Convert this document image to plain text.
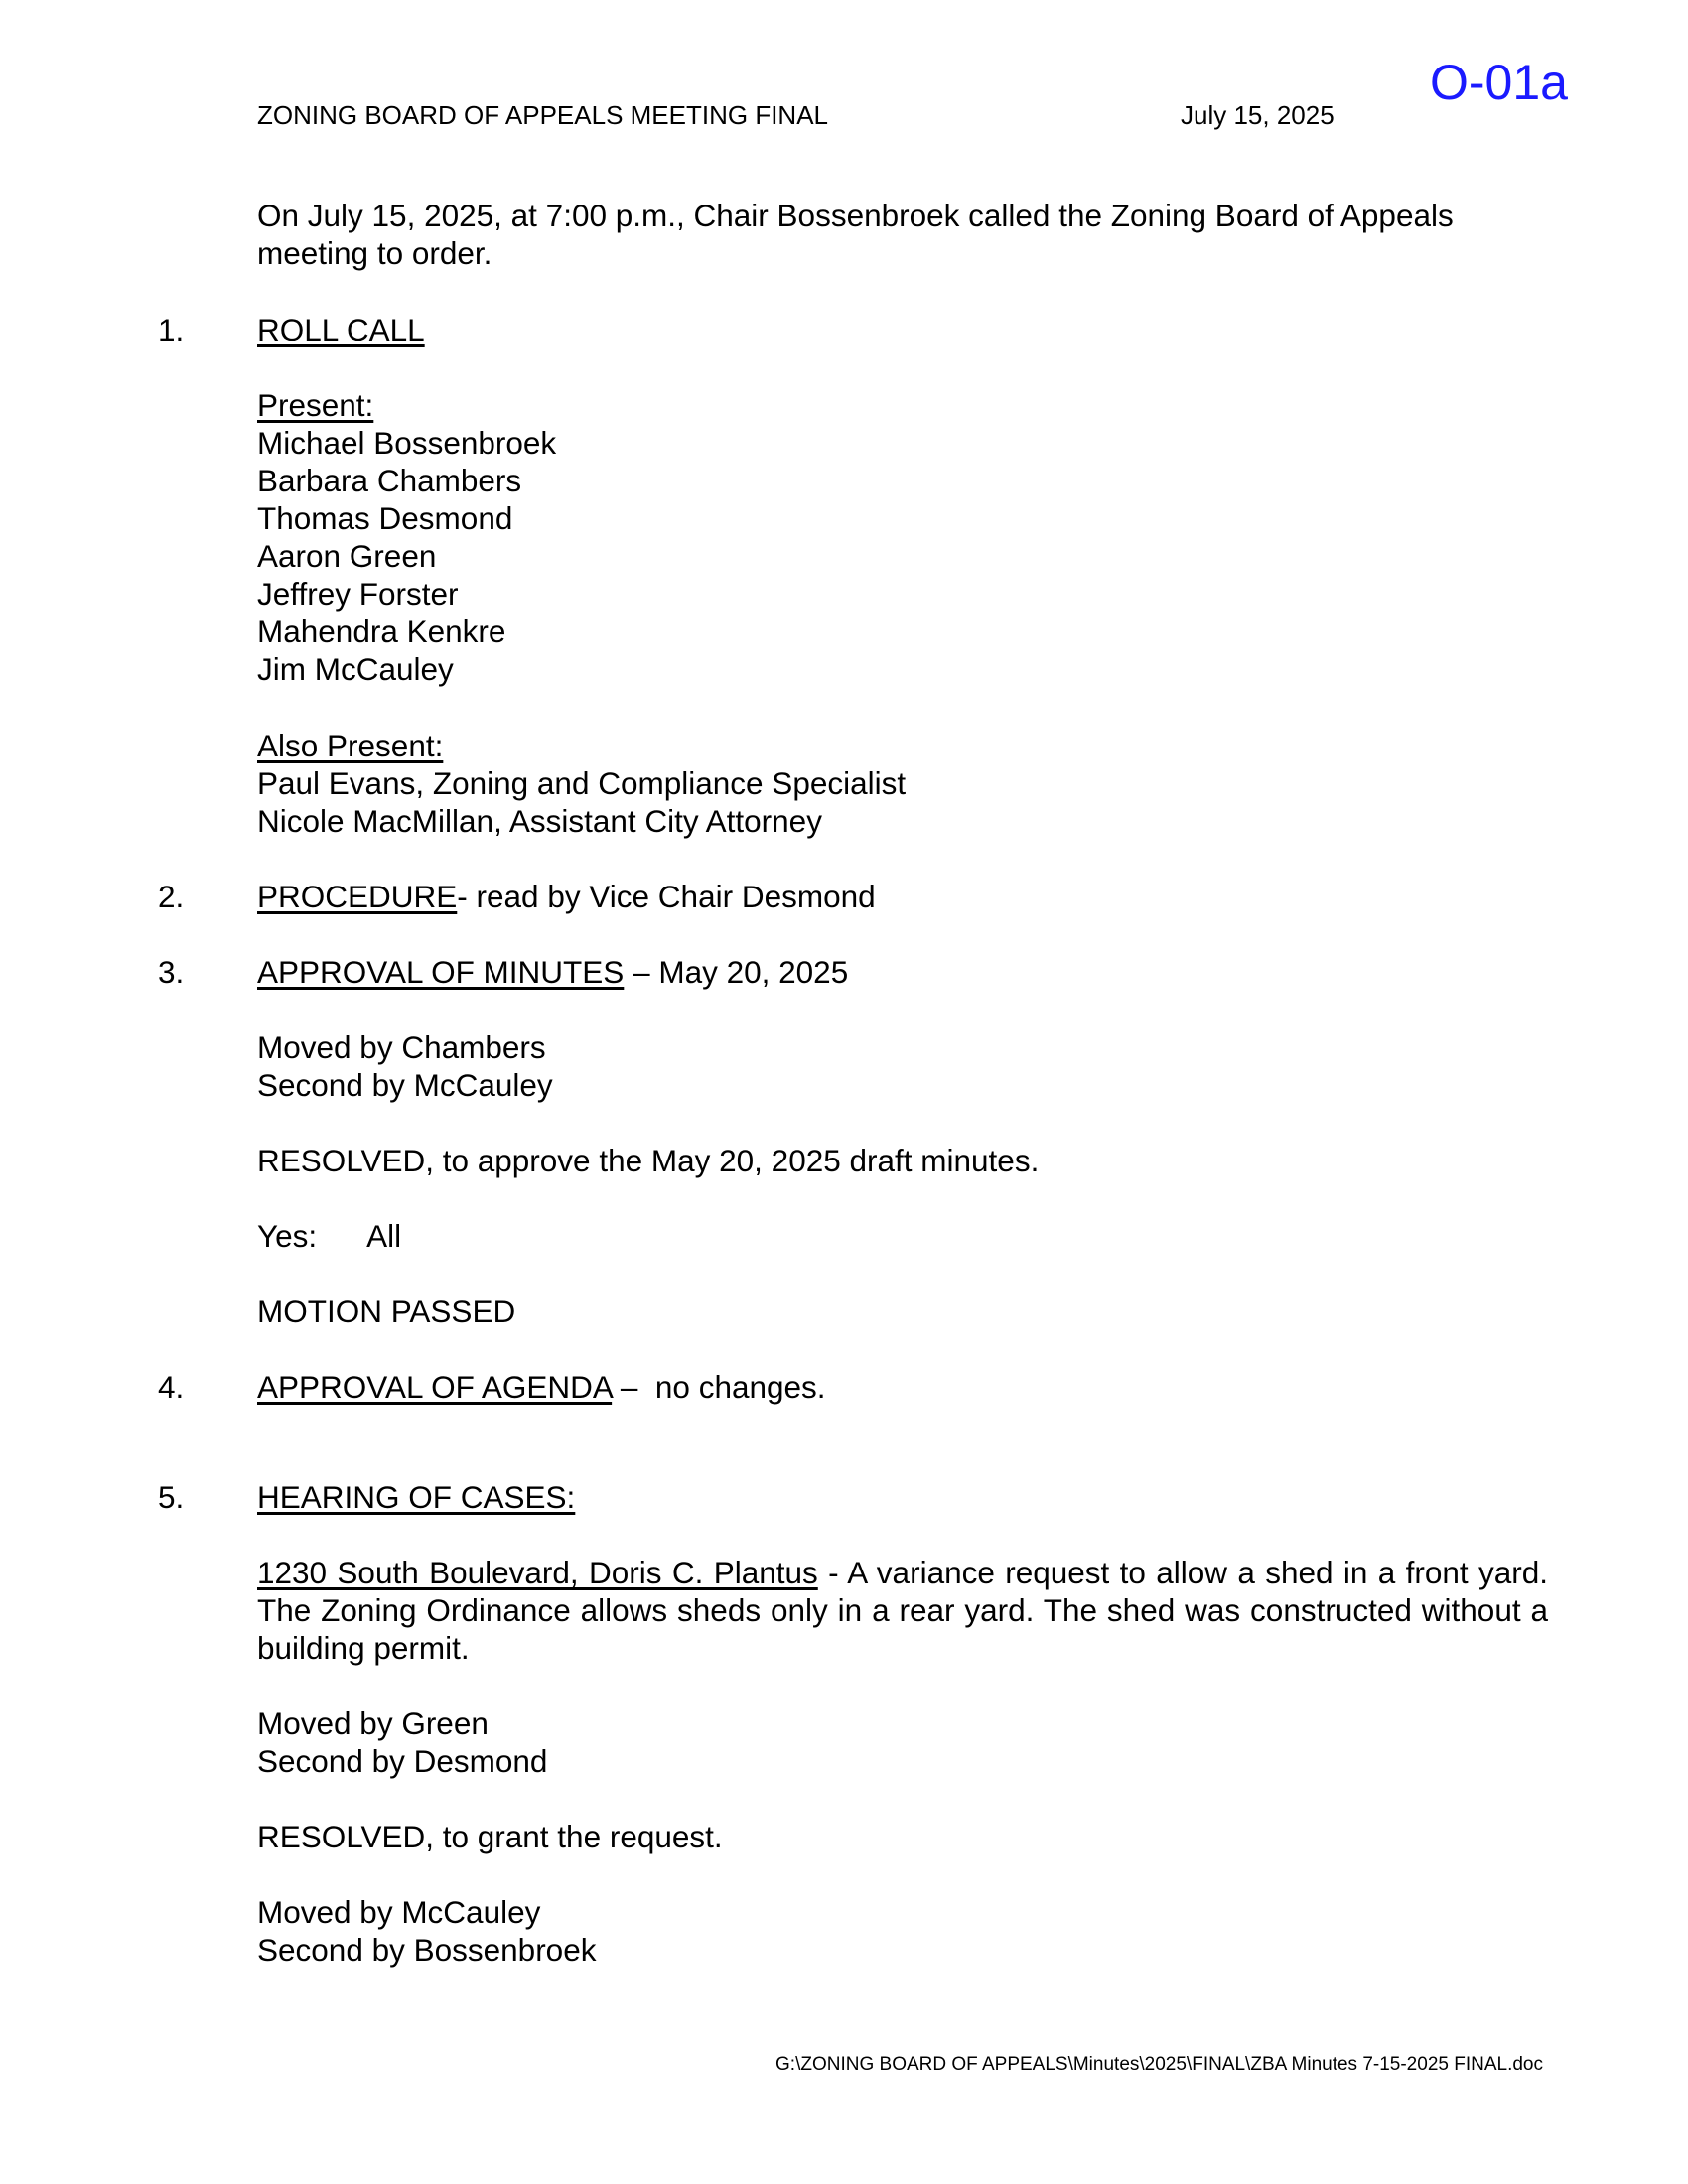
O-01a
ZONING BOARD OF APPEALS MEETING FINAL	July 15, 2025
On July 15, 2025, at 7:00 p.m., Chair Bossenbroek called the Zoning Board of Appeals meeting to order.
1. ROLL CALL
Present:
Michael Bossenbroek
Barbara Chambers
Thomas Desmond
Aaron Green
Jeffrey Forster
Mahendra Kenkre
Jim McCauley
Also Present:
Paul Evans, Zoning and Compliance Specialist
Nicole MacMillan, Assistant City Attorney
2. PROCEDURE- read by Vice Chair Desmond
3. APPROVAL OF MINUTES – May 20, 2025
Moved by Chambers
Second by McCauley
RESOLVED, to approve the May 20, 2025 draft minutes.
Yes: All
MOTION PASSED
4. APPROVAL OF AGENDA –  no changes.
5. HEARING OF CASES:
1230 South Boulevard, Doris C. Plantus - A variance request to allow a shed in a front yard. The Zoning Ordinance allows sheds only in a rear yard. The shed was constructed without a building permit.
Moved by Green
Second by Desmond
RESOLVED, to grant the request.
Moved by McCauley
Second by Bossenbroek
G:\ZONING BOARD OF APPEALS\Minutes\2025\FINAL\ZBA Minutes 7-15-2025 FINAL.doc
